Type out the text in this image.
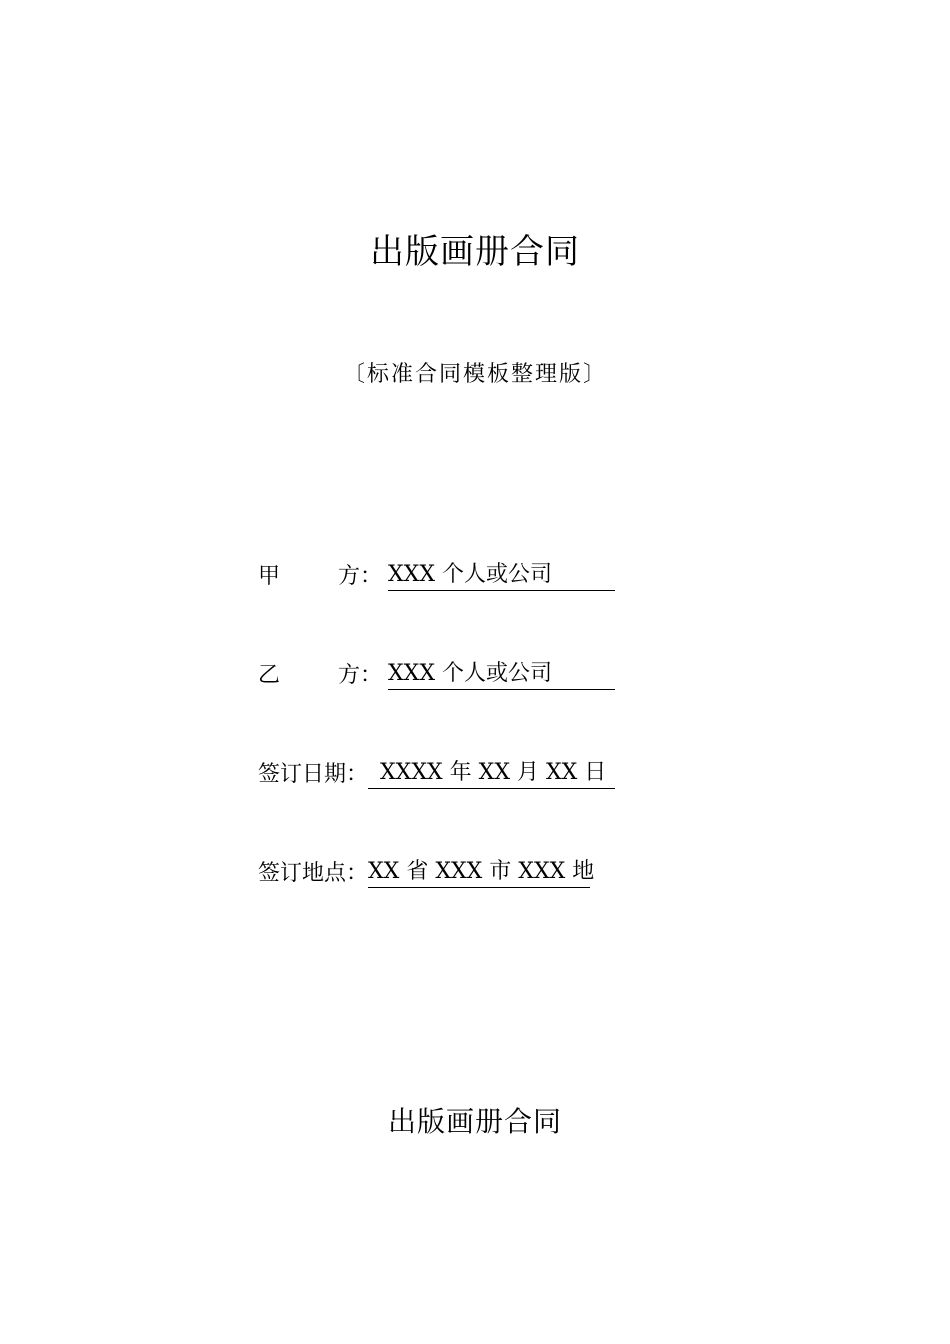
出版画册合同
〔标准合同模板整理版〕
甲	方： XXX 个人或公司
乙	方： XXX 个人或公司
签订日期： XXXX 年 XX 月 XX 日
签订地点：XX 省 XXX 市 XXX 地
出版画册合同
